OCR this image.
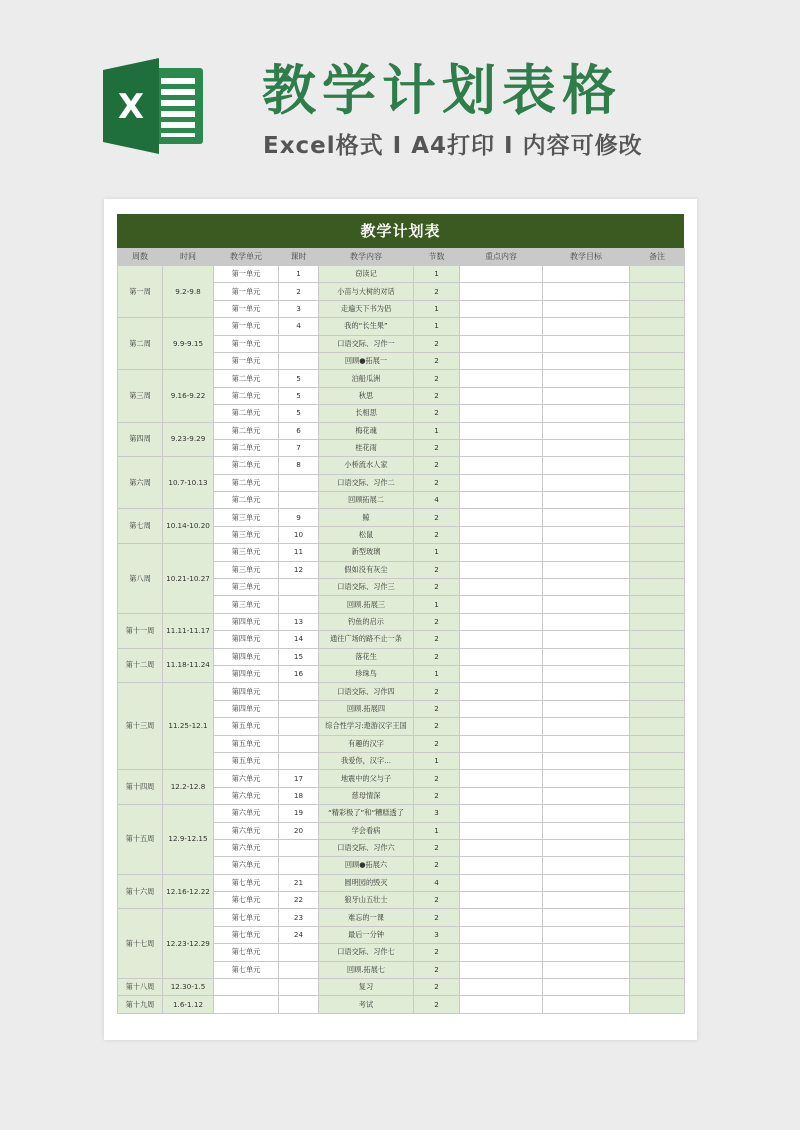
X 教学计划表格
Excel格式 I A4打印 I 内容可修改
教学计划表
周数	时间	教学单元	课时	教学内容	节数	重点内容	教学目标	备注
第一周	9.2-9.8	第一单元	1	窃读记	1			
		第一单元	2	小苗与大树的对话	2			
		第一单元	3	走遍天下书为侣	1			
第二周	9.9-9.15	第一单元	4	我的“长生果”	1			
		第一单元		口语交际、习作一	2			
		第一单元		回顾●拓展一	2			
第三周	9.16-9.22	第二单元	5	泊船瓜洲	2			
		第二单元	5	秋思	2			
		第二单元	5	长相思	2			
第四周	9.23-9.29	第二单元	6	梅花魂	1			
		第二单元	7	桂花雨	2			
第六周	10.7-10.13	第二单元	8	小桥流水人家	2			
		第二单元		口语交际、习作二	2			
		第二单元		回顾拓展二	4			
第七周	10.14-10.20	第三单元	9	鲸	2			
		第三单元	10	松鼠	2			
第八周	10.21-10.27	第三单元	11	新型玻璃	1			
		第三单元	12	假如没有灰尘	2			
		第三单元		口语交际、习作三	2			
		第三单元		回顾.拓展三	1			
第十一周	11.11-11.17	第四单元	13	钓鱼的启示	2			
		第四单元	14	通往广场的路不止一条	2			
第十二周	11.18-11.24	第四单元	15	落花生	2			
		第四单元	16	珍珠鸟	1			
第十三周	11.25-12.1	第四单元		口语交际、习作四	2			
		第四单元		回顾.拓展四	2			
		第五单元		综合性学习:遨游汉字王国	2			
		第五单元		有趣的汉字	2			
		第五单元		我爱你，汉字...	1			
第十四周	12.2-12.8	第六单元	17	地震中的父与子	2			
		第六单元	18	慈母情深	2			
第十五周	12.9-12.15	第六单元	19	“精彩极了”和“糟糕透了	3			
		第六单元	20	学会看病	1			
		第六单元		口语交际、习作六	2			
		第六单元		回顾●拓展六	2			
第十六周	12.16-12.22	第七单元	21	圆明园的毁灭	4			
		第七单元	22	狼牙山五壮士	2			
第十七周	12.23-12.29	第七单元	23	难忘的一课	2			
		第七单元	24	最后一分钟	3			
		第七单元		口语交际、习作七	2			
		第七单元		回顾.拓展七	2			
第十八周	12.30-1.5			复习	2			
第十九周	1.6-1.12			考试	2			
